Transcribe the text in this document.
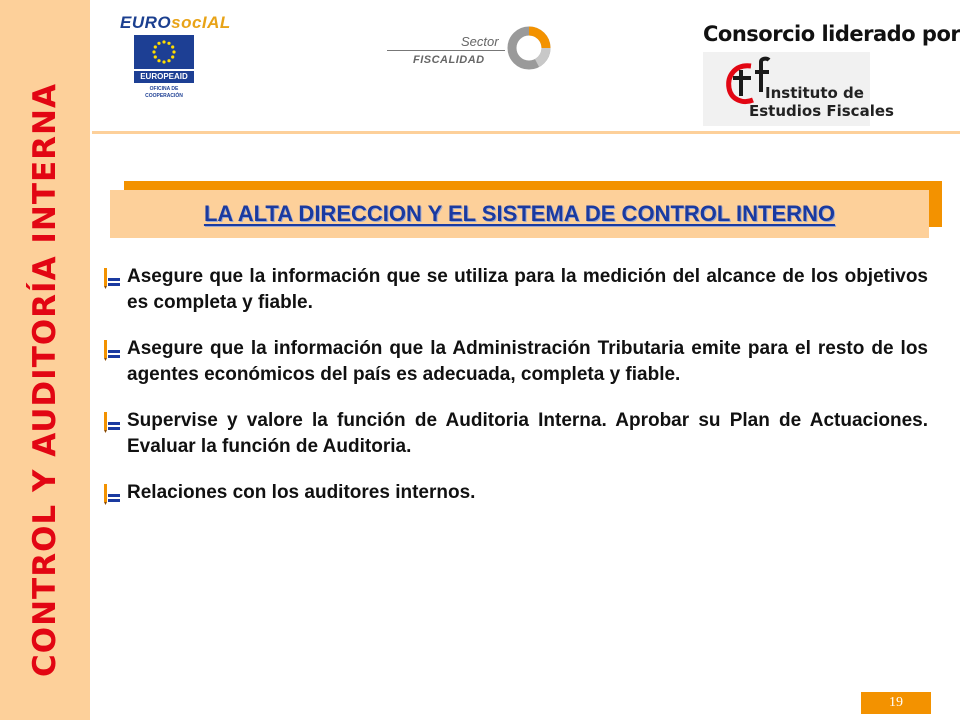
CONTROL Y AUDITORÍA INTERNA
EUROsocIAL
EUROPEAID
OFICINA DE COOPERACIÓN
Sector
FISCALIDAD
Consorcio liderado por
Instituto de
Estudios Fiscales
LA ALTA DIRECCION Y EL SISTEMA DE CONTROL INTERNO

Asegure que la información que se utiliza para la medición del alcance de los objetivos es completa y fiable.

Asegure que la información que la Administración Tributaria emite para el resto de los agentes económicos del país es adecuada, completa y fiable.

Supervise y valore la función de Auditoria Interna. Aprobar su Plan de Actuaciones. Evaluar la función de Auditoria.

Relaciones con los auditores internos.

19
